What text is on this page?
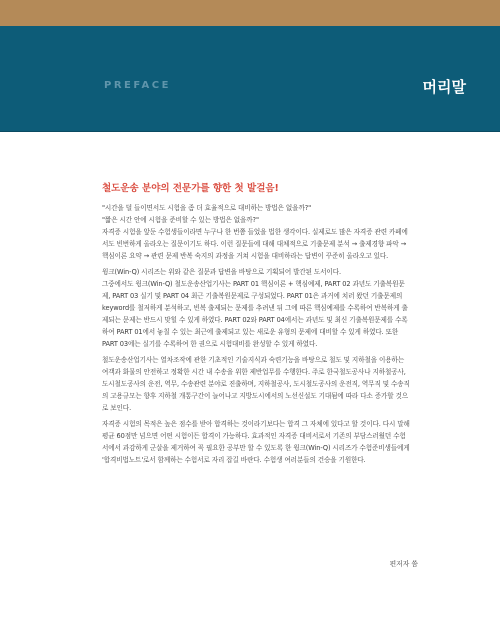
PREFACE	머리말

철도운송 분야의 전문가를 향한 첫 발걸음!

"시간을 덜 들이면서도 시험을 좀 더 효율적으로 대비하는 방법은 없을까?"

"짧은 시간 안에 시험을 준비할 수 있는 방법은 없을까?"

자격증 시험을 앞둔 수험생들이라면 누구나 한 번쯤 들었을 법한 생각이다. 실제로도 많은 자격증 관련 카페에

서도 빈번하게 올라오는 질문이기도 하다. 이런 질문들에 대해 대체적으로 기출문제 분석 → 출제경향 파악 →

핵심이론 요약 → 관련 문제 반복 숙지의 과정을 거쳐 시험을 대비하라는 답변이 꾸준히 올라오고 있다.

윙크(Win-Q) 시리즈는 위와 같은 질문과 답변을 바탕으로 기획되어 발간된 도서이다.

그중에서도 윙크(Win-Q) 철도운송산업기사는 PART 01 핵심이론 + 핵심예제, PART 02 과년도 기출복원문

제, PART 03 실기 및 PART 04 최근 기출복원문제로 구성되었다. PART 01은 과거에 치러 왔던 기출문제의

keyword를 철저하게 분석하고, 빈복 출제되는 문제를 추려낸 뒤 그에 따른 핵심예제를 수록하여 반복하게 출

제되는 문제는 반드시 맞힐 수 있게 하였다. PART 02와 PART 04에서는 과년도 및 최신 기출복원문제를 수록

하여 PART 01에서 놓칠 수 있는 최근에 출제되고 있는 새로운 유형의 문제에 대비할 수 있게 하였다. 또한

PART 03에는 실기를 수록하여 한 권으로 시험대비를 완성할 수 있게 하였다.

철도운송산업기사는 열차조작에 관한 기초적인 기술지식과 숙련기능을 바탕으로 철도 및 지하철을 이용하는

여객과 화물의 안전하고 정확한 시간 내 수송을 위한 제반업무를 수행한다. 주로 한국철도공사나 지하철공사,

도시철도공사의 운전, 역무, 수송관련 분야로 진출하며, 지하철공사, 도시철도공사의 운전직, 역무직 및 수송직

의 고용규모는 향후 지하철 개통구간이 늘어나고 지방도시에서의 노선신설도 기대됨에 따라 다소 증가할 것으

로 보인다.

자격증 시험의 목적은 높은 점수를 받아 합격하는 것이라기보다는 합격 그 자체에 있다고 할 것이다. 다시 말해

평균 60점만 넘으면 어떤 시험이든 합격이 가능하다. 효과적인 자격증 대비서로서 기존의 부담스러웠던 수험

서에서 과감하게 군살을 제거하여 꼭 필요한 공부만 할 수 있도록 한 윙크(Win-Q) 시리즈가 수험준비생들에게

'합격비법노트'로서 함께하는 수험서로 자리 잡길 바란다. 수험생 여러분들의 건승을 기원한다.

편저자 씀
